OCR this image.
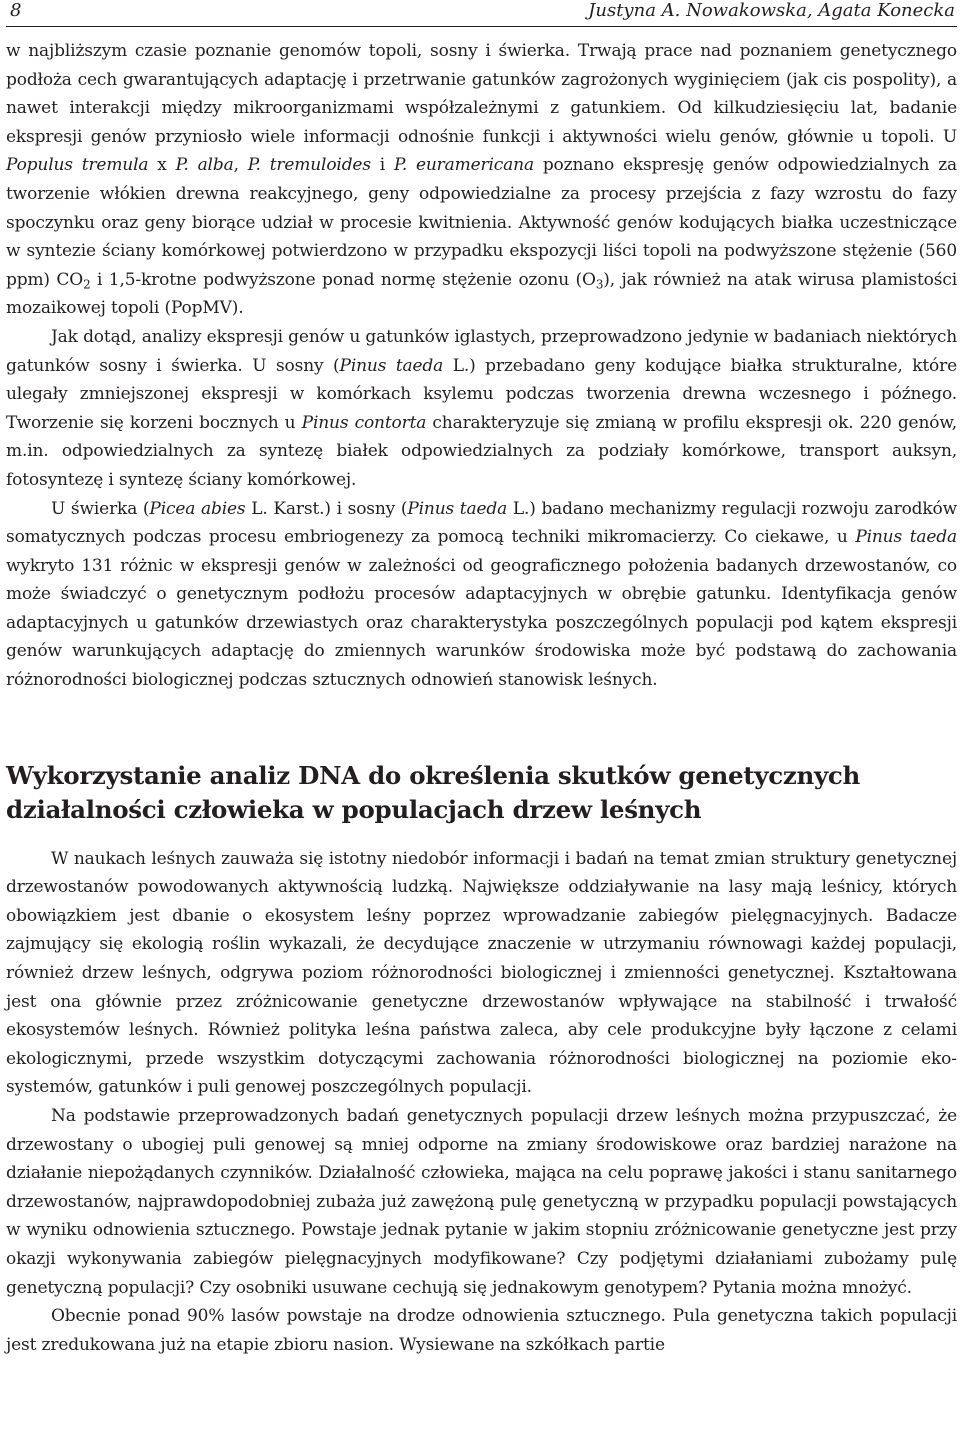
8	Justyna A. Nowakowska, Agata Konecka

w najbliższym czasie poznanie genomów topoli, sosny i świerka. Trwają prace nad poznaniem genetycznego podłoża cech gwarantujących adaptację i przetrwanie gatunków zagrożonych wyginięciem (jak cis pospolity), a nawet interakcji między mikroorganizmami współzależnymi z gatunkiem. Od kilkudziesięciu lat, badanie ekspresji genów przyniosło wiele informacji odnośnie funkcji i aktywności wielu genów, głównie u topoli. U Populus tremula x P. alba, P. tremuloides i P. euramericana poznano ekspresję genów odpowiedzialnych za tworzenie włókien drewna reakcyjnego, geny odpowiedzialne za procesy przejścia z fazy wzrostu do fazy spoczynku oraz geny biorące udział w procesie kwitnienia. Aktywność genów kodujących białka uczestniczące w syntezie ściany komórkowej potwierdzono w przypadku ekspozycji liści topoli na podwyższone stężenie (560 ppm) $CO_2$ i 1,5-krotne podwyższone ponad normę stężenie ozonu $(O_3)$, jak również na atak wirusa plamistości mozaikowej topoli (PopMV).

Jak dotąd, analizy ekspresji genów u gatunków iglastych, przeprowadzono jedynie w badaniach niektórych gatunków sosny i świerka. U sosny (Pinus taeda L.) przebadano geny kodujące białka strukturalne, które ulegały zmniejszonej ekspresji w komórkach ksylemu podczas tworzenia drewna wczesnego i późnego. Tworzenie się korzeni bocznych u Pinus contorta charakteryzuje się zmianą w profilu ekspresji ok. 220 genów, m.in. odpowiedzialnych za syntezę białek odpowiedzialnych za podziały komórkowe, transport auksyn, fotosyntezę i syntezę ściany komórkowej.

U świerka (Picea abies L. Karst.) i sosny (Pinus taeda L.) badano mechanizmy regulacji rozwoju zarodków somatycznych podczas procesu embriogenezy za pomocą techniki mikromacierzy. Co ciekawe, u Pinus taeda wykryto 131 różnic w ekspresji genów w zależności od geograficznego położenia badanych drzewostanów, co może świadczyć o genetycznym podłożu procesów adaptacyjnych w obrębie gatunku. Identyfikacja genów adaptacyjnych u gatunków drzewiastych oraz charakterystyka poszczególnych populacji pod kątem ekspresji genów warunkujących adaptację do zmiennych warunków środowiska może być podstawą do zachowania różnorodności biologicznej podczas sztucznych odnowień stanowisk leśnych.

Wykorzystanie analiz DNA do określenia skutków genetycznych
działalności człowieka w populacjach drzew leśnych

W naukach leśnych zauważa się istotny niedobór informacji i badań na temat zmian struktury genetycznej drzewostanów powodowanych aktywnością ludzką. Największe oddziaływanie na lasy mają leśnicy, których obowiązkiem jest dbanie o ekosystem leśny poprzez wprowadzanie zabiegów pielęgnacyjnych. Badacze zajmujący się ekologią roślin wykazali, że decydujące znaczenie w utrzymaniu równowagi każdej populacji, również drzew leśnych, odgrywa poziom różnorodności biologicznej i zmienności genetycznej. Kształtowana jest ona głównie przez zróżnicowanie genetyczne drzewostanów wpływające na stabilność i trwałość ekosystemów leśnych. Również polityka leśna państwa zaleca, aby cele produkcyjne były łączone z celami ekologicznymi, przede wszystkim dotyczącymi zachowania różnorodności biologicznej na poziomie ekosystemów, gatunków i puli genowej poszczególnych populacji.

Na podstawie przeprowadzonych badań genetycznych populacji drzew leśnych można przypuszczać, że drzewostany o ubogiej puli genowej są mniej odporne na zmiany środowiskowe oraz bardziej narażone na działanie niepożądanych czynników. Działalność człowieka, mająca na celu poprawę jakości i stanu sanitarnego drzewostanów, najprawdopodobniej zubaża już zawężoną pulę genetyczną w przypadku populacji powstających w wyniku odnowienia sztucznego. Powstaje jednak pytanie w jakim stopniu zróżnicowanie genetyczne jest przy okazji wykonywania zabiegów pielęgnacyjnych modyfikowane? Czy podjętymi działaniami zubożamy pulę genetyczną populacji? Czy osobniki usuwane cechują się jednakowym genotypem? Pytania można mnożyć.

Obecnie ponad 90% lasów powstaje na drodze odnowienia sztucznego. Pula genetyczna takich populacji jest zredukowana już na etapie zbioru nasion. Wysiewane na szkółkach partie
